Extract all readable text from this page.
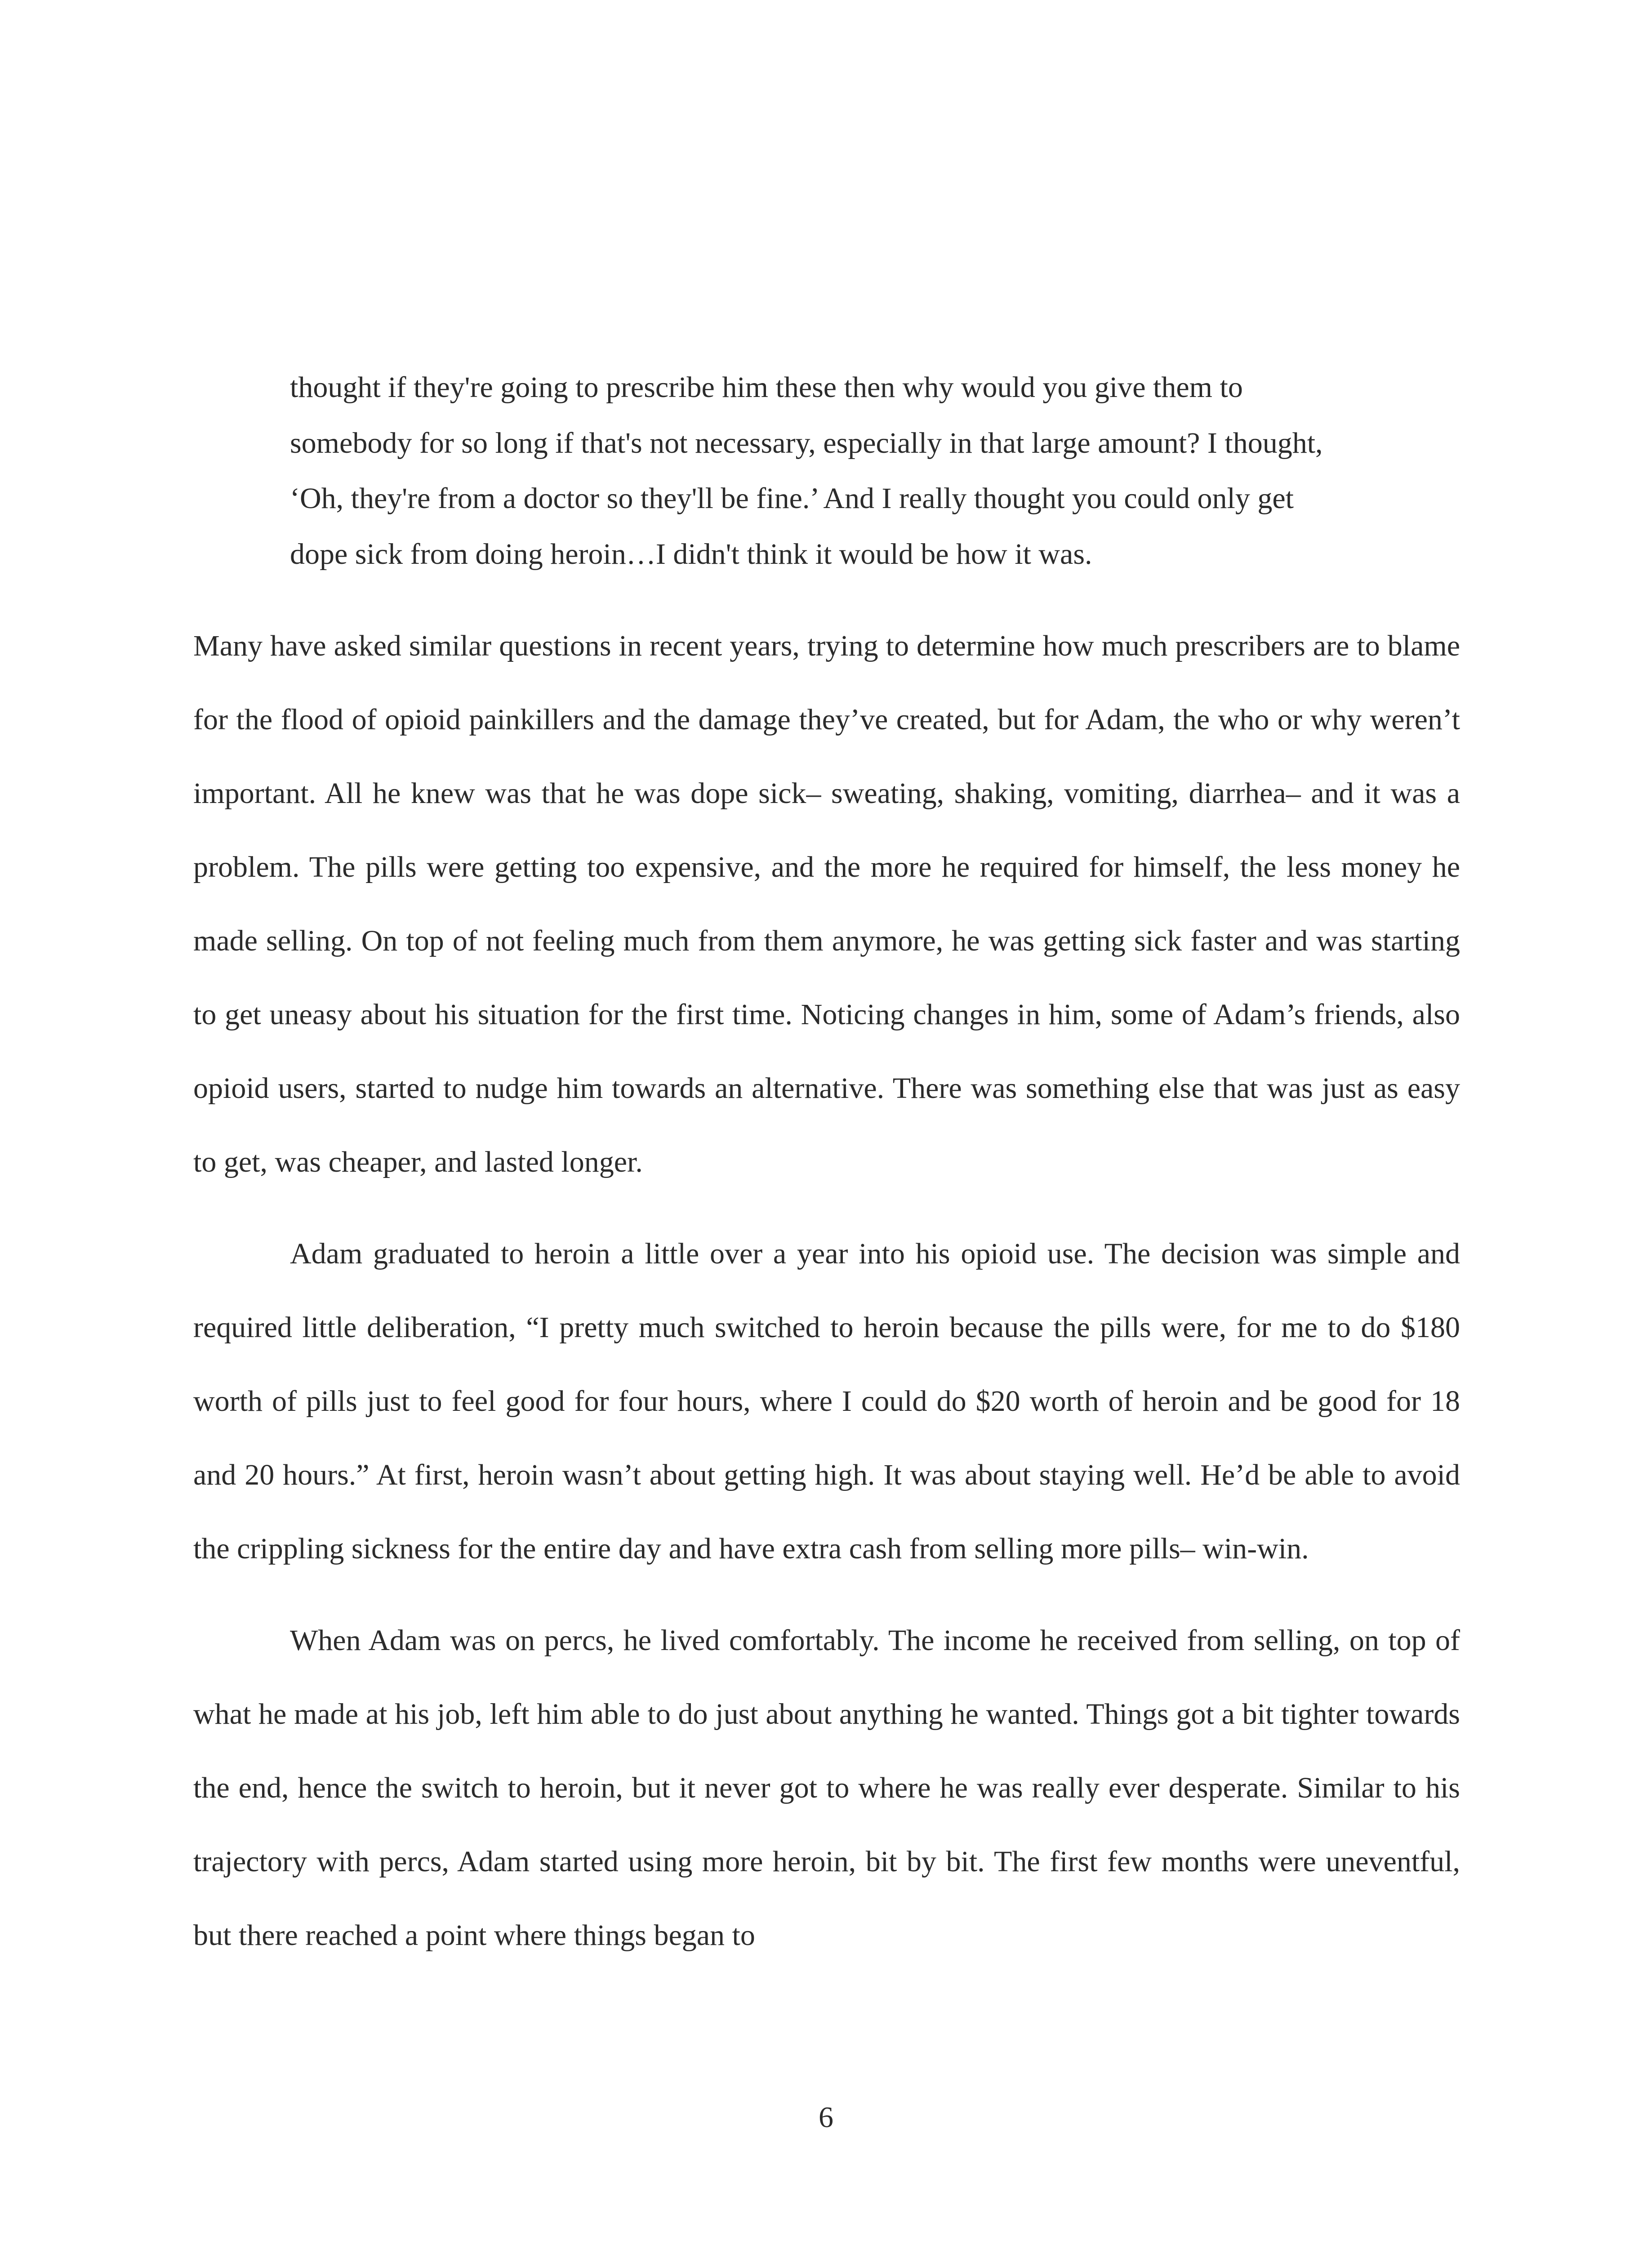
thought if they're going to prescribe him these then why would you give them to
somebody for so long if that's not necessary, especially in that large amount? I thought,
‘Oh, they're from a doctor so they'll be fine.’ And I really thought you could only get
dope sick from doing heroin…I didn't think it would be how it was.

Many have asked similar questions in recent years, trying to determine how much prescribers are to blame for the flood of opioid painkillers and the damage they’ve created, but for Adam, the who or why weren’t important. All he knew was that he was dope sick– sweating, shaking, vomiting, diarrhea– and it was a problem. The pills were getting too expensive, and the more he required for himself, the less money he made selling. On top of not feeling much from them anymore, he was getting sick faster and was starting to get uneasy about his situation for the first time. Noticing changes in him, some of Adam’s friends, also opioid users, started to nudge him towards an alternative. There was something else that was just as easy to get, was cheaper, and lasted longer.

Adam graduated to heroin a little over a year into his opioid use. The decision was simple and required little deliberation, “I pretty much switched to heroin because the pills were, for me to do $180 worth of pills just to feel good for four hours, where I could do $20 worth of heroin and be good for 18 and 20 hours.” At first, heroin wasn’t about getting high. It was about staying well. He’d be able to avoid the crippling sickness for the entire day and have extra cash from selling more pills– win-win.

When Adam was on percs, he lived comfortably. The income he received from selling, on top of what he made at his job, left him able to do just about anything he wanted. Things got a bit tighter towards the end, hence the switch to heroin, but it never got to where he was really ever desperate. Similar to his trajectory with percs, Adam started using more heroin, bit by bit. The first few months were uneventful, but there reached a point where things began to

6
